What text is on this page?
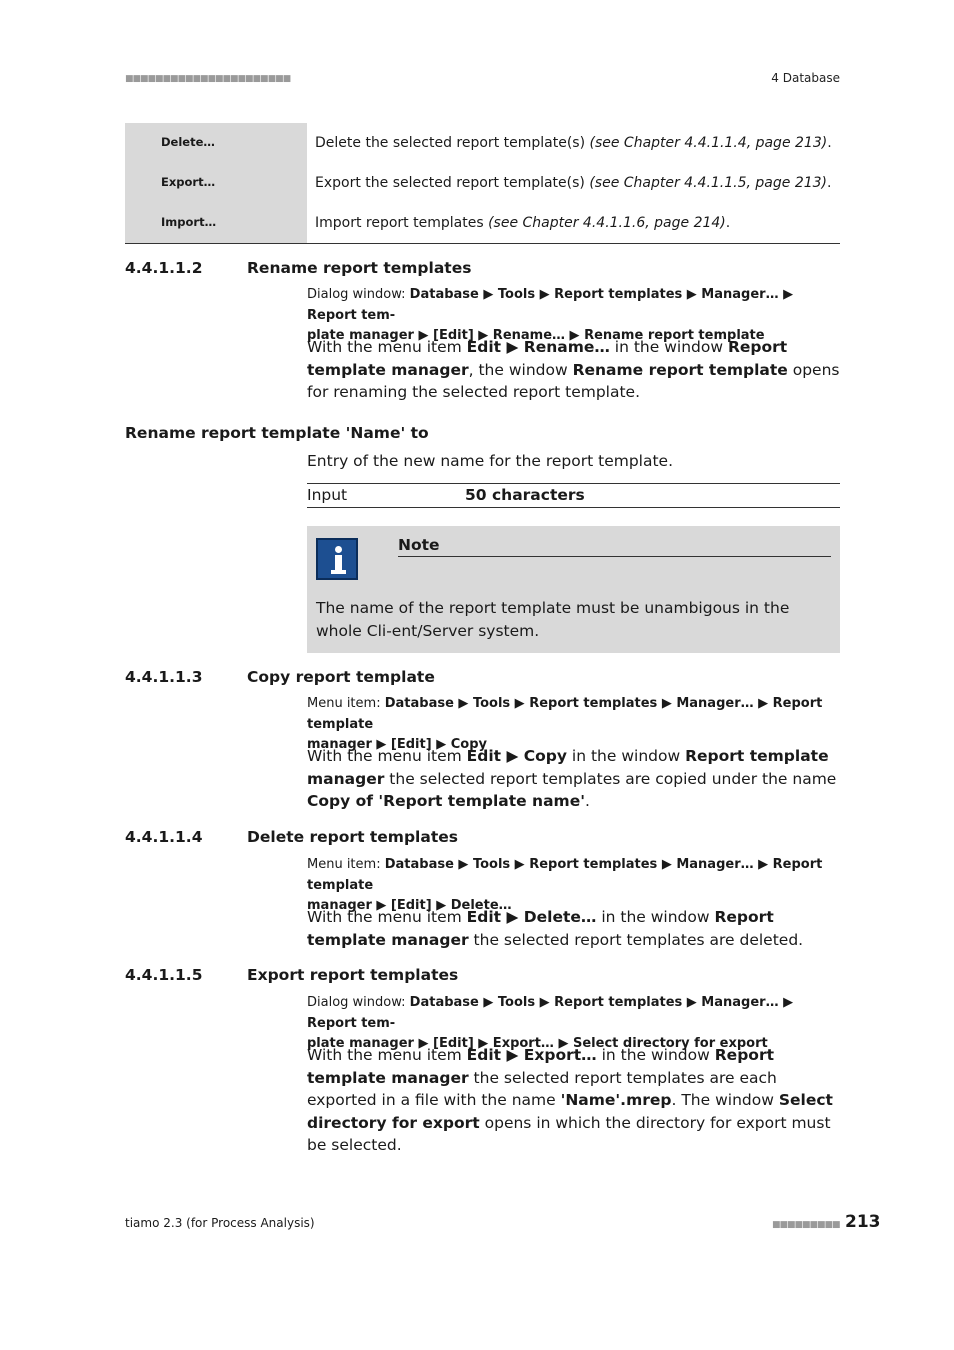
■■■■■■■■■■■■■■■■■■■■■■	4 Database
Delete…	Delete the selected report template(s) (see Chapter 4.4.1.1.4, page 213).
Export…	Export the selected report template(s) (see Chapter 4.4.1.1.5, page 213).
Import…	Import report templates (see Chapter 4.4.1.1.6, page 214).
4.4.1.1.2	Rename report templates
Dialog window: Database ▶ Tools ▶ Report templates ▶ Manager… ▶ Report tem-
plate manager ▶ [Edit] ▶ Rename… ▶ Rename report template
With the menu item Edit ▶ Rename… in the window Report template manager, the window Rename report template opens for renaming the selected report template.
Rename report template 'Name' to
Entry of the new name for the report template.
Input	50 characters
Note
The name of the report template must be unambigous in the whole Cli-ent/Server system.
4.4.1.1.3	Copy report template
Menu item: Database ▶ Tools ▶ Report templates ▶ Manager… ▶ Report template
manager ▶ [Edit] ▶ Copy
With the menu item Edit ▶ Copy in the window Report template manager the selected report templates are copied under the name Copy of 'Report template name'.
4.4.1.1.4	Delete report templates
Menu item: Database ▶ Tools ▶ Report templates ▶ Manager… ▶ Report template
manager ▶ [Edit] ▶ Delete…
With the menu item Edit ▶ Delete… in the window Report template manager the selected report templates are deleted.
4.4.1.1.5	Export report templates
Dialog window: Database ▶ Tools ▶ Report templates ▶ Manager… ▶ Report tem-
plate manager ▶ [Edit] ▶ Export… ▶ Select directory for export
With the menu item Edit ▶ Export… in the window Report template manager the selected report templates are each exported in a file with the name 'Name'.mrep. The window Select directory for export opens in which the directory for export must be selected.
tiamo 2.3 (for Process Analysis)	■■■■■■■■■ 213
